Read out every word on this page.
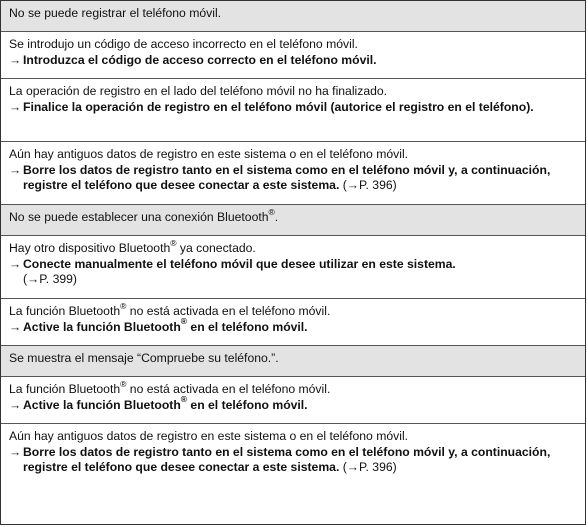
No se puede registrar el teléfono móvil.
Se introdujo un código de acceso incorrecto en el teléfono móvil.
→ Introduzca el código de acceso correcto en el teléfono móvil.
La operación de registro en el lado del teléfono móvil no ha finalizado.
→ Finalice la operación de registro en el teléfono móvil (autorice el registro en el teléfono).
Aún hay antiguos datos de registro en este sistema o en el teléfono móvil.
→ Borre los datos de registro tanto en el sistema como en el teléfono móvil y, a continuación, registre el teléfono que desee conectar a este sistema. (→P. 396)
No se puede establecer una conexión Bluetooth®.
Hay otro dispositivo Bluetooth® ya conectado.
→ Conecte manualmente el teléfono móvil que desee utilizar en este sistema.
(→P. 399)
La función Bluetooth® no está activada en el teléfono móvil.
→ Active la función Bluetooth® en el teléfono móvil.
Se muestra el mensaje “Compruebe su teléfono.”.
La función Bluetooth® no está activada en el teléfono móvil.
→ Active la función Bluetooth® en el teléfono móvil.
Aún hay antiguos datos de registro en este sistema o en el teléfono móvil.
→ Borre los datos de registro tanto en el sistema como en el teléfono móvil y, a continuación, registre el teléfono que desee conectar a este sistema. (→P. 396)
